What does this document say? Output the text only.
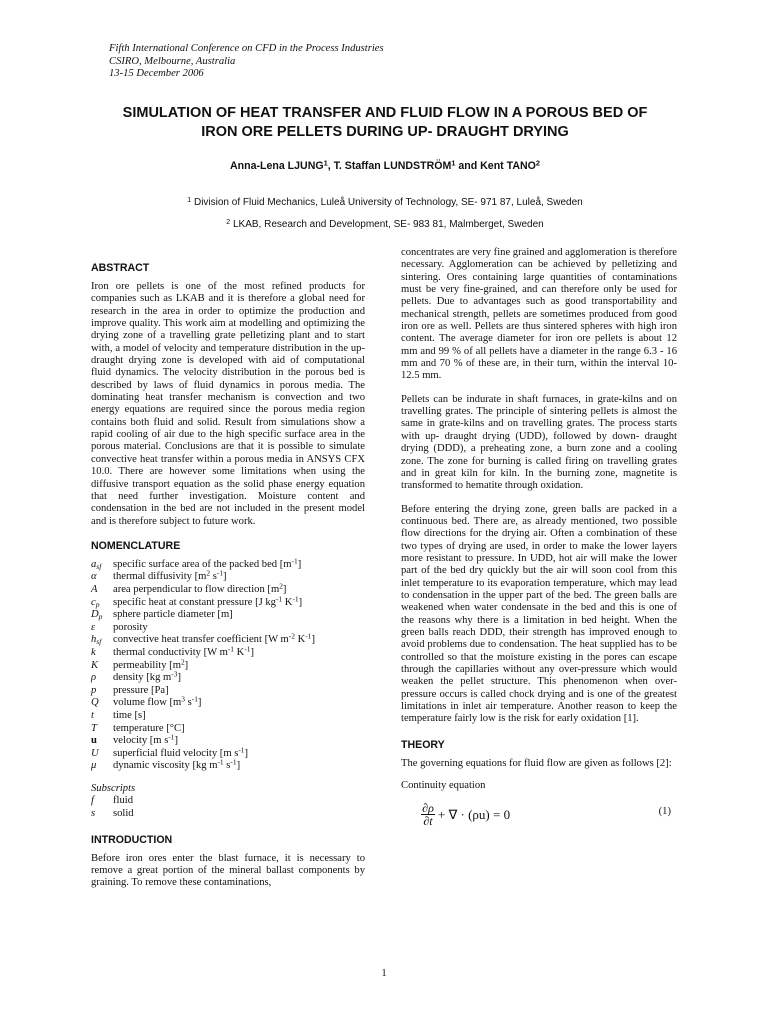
Fifth International Conference on CFD in the Process Industries
CSIRO, Melbourne, Australia
13-15 December 2006
SIMULATION OF HEAT TRANSFER AND FLUID FLOW IN A POROUS BED OF
IRON ORE PELLETS DURING UP- DRAUGHT DRYING
Anna-Lena LJUNG$^1$, T. Staffan LUNDSTRÖM$^1$ and Kent TANO$^2$
$^1$ Division of Fluid Mechanics, Luleå University of Technology, SE- 971 87, Luleå, Sweden
$^2$ LKAB, Research and Development, SE- 983 81, Malmberget, Sweden
ABSTRACT

Iron ore pellets is one of the most refined products for companies such as LKAB and it is therefore a global need for research in the area in order to optimize the production and improve quality. This work aim at modelling and optimizing the drying zone of a travelling grate pelletizing plant and to start with, a model of velocity and temperature distribution in the up-draught drying zone is developed with aid of computational fluid dynamics. The velocity distribution in the porous bed is described by laws of fluid dynamics in porous media. The dominating heat transfer mechanism is convection and two energy equations are required since the porous media region contains both fluid and solid. Result from simulations show a rapid cooling of air due to the high specific surface area in the porous material. Conclusions are that it is possible to simulate convective heat transfer within a porous media in ANSYS CFX 10.0. There are however some limitations when using the diffusive transport equation as the solid phase energy equation that need further investigation. Moisture content and condensation in the bed are not included in the present model and is therefore subject to future work.

NOMENCLATURE
$a_{sf}$	specific surface area of the packed bed $[m^{-1}]$
α	thermal diffusivity [$m^2$ $s^{-1}$]
A	area perpendicular to flow direction $[m^2]$
$c_p$	specific heat at constant pressure [J $kg^{-1}$ $K^{-1}$]
$D_p$ sphere particle diameter [m]
ε	porosity
$h_{sf}$	convective heat transfer coefficient [W $m^{-2}$ $K^{-1}$]
k	thermal conductivity [W $m^{-1}$ $K^{-1}$]
K	permeability $[m^2]$
ρ	density [kg $m^{-3}$]
p	pressure [Pa]
Q	volume flow [$m^3$ $s^{-1}$]
t	time [s]
T	temperature [°C]
u	velocity [m $s^{-1}$]
U	superficial fluid velocity [m $s^{-1}$]
μ	dynamic viscosity [kg $m^{-1}$ $s^{-1}$]
Subscripts
f	fluid
s	solid
INTRODUCTION

Before iron ores enter the blast furnace, it is necessary to remove a great portion of the mineral ballast components by graining. To remove these contaminations,

concentrates are very fine grained and agglomeration is therefore necessary. Agglomeration can be achieved by pelletizing and sintering. Ores containing large quantities of contaminations must be very fine-grained, and can therefore only be used for pellets. Due to advantages such as good transportability and mechanical strength, pellets are sometimes produced from good iron ore as well. Pellets are thus sintered spheres with high iron content. The average diameter for iron ore pellets is about 12 mm and 99 % of all pellets have a diameter in the range 6.3 - 16 mm and 70 % of these are, in their turn, within the interval 10-12.5 mm.

Pellets can be indurate in shaft furnaces, in grate-kilns and on travelling grates. The principle of sintering pellets is almost the same in grate-kilns and on travelling grates. The process starts with up- draught drying (UDD), followed by down- draught drying (DDD), a preheating zone, a burn zone and a cooling zone. The zone for burning is called firing on travelling grates and in great kiln for kiln. In the burning zone, magnetite is transformed to hematite through oxidation.

Before entering the drying zone, green balls are packed in a continuous bed. There are, as already mentioned, two possible flow directions for the drying air. Often a combination of these two types of drying are used, in order to make the lower layers more resistant to pressure. In UDD, hot air will make the lower part of the bed dry quickly but the air will soon cool from this inlet temperature to its evaporation temperature, which may lead to condensation in the upper part of the bed. The green balls are weakened when water condensate in the bed and this is one of the reasons why there is a limitation in bed height. When the green balls reach DDD, their strength has improved enough to avoid problems due to condensation. The heat supplied has to be controlled so that the moisture existing in the pores can escape through the capillaries without any over-pressure which would weaken the pellet structure. This phenomenon when over-pressure occurs is called chock drying and is one of the greatest limitations in inlet air temperature. Another reason to keep the temperature fairly low is the risk for early oxidation [1].

THEORY

The governing equations for fluid flow are given as follows [2]:

Continuity equation
$\frac{\partial\rho}{\partial t}$ + ∇ · (ρu) = 0	(1)
1
